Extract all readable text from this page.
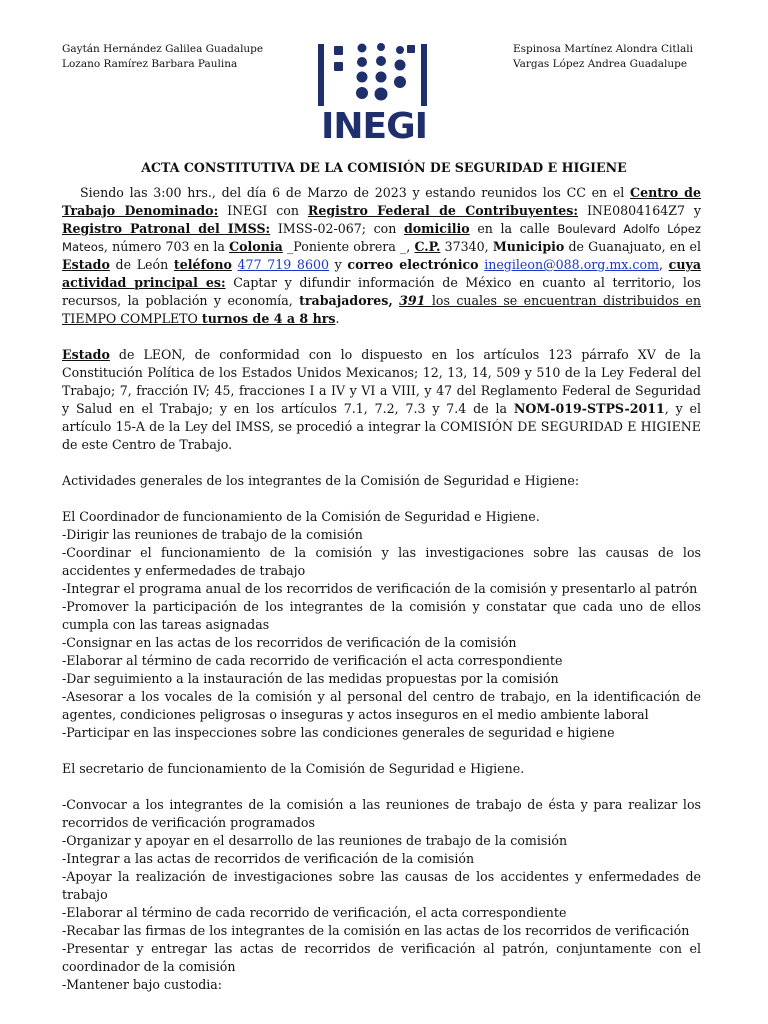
Gaytán Hernández Galilea Guadalupe
Lozano Ramírez Barbara Paulina
Espinosa Martínez Alondra Citlali
Vargas López Andrea Guadalupe
INEGI
ACTA CONSTITUTIVA DE LA COMISIÓN DE SEGURIDAD E HIGIENE

Siendo las 3:00 hrs., del día 6 de Marzo de 2023 y estando reunidos los CC en el Centro de Trabajo Denominado: INEGI con Registro Federal de Contribuyentes: INE0804164Z7 y Registro Patronal del IMSS: IMSS-02-067; con domicilio en la calle Boulevard Adolfo López Mateos, número 703 en la Colonia _Poniente obrera _, C.P. 37340, Municipio de Guanajuato, en el Estado de León teléfono 477 719 8600 y correo electrónico inegileon@088.org.mx.com, cuya actividad principal es: Captar y difundir información de México en cuanto al territorio, los recursos, la población y economía, trabajadores, 391 los cuales se encuentran distribuidos en TIEMPO COMPLETO turnos de 4 a 8 hrs.

Estado de LEON, de conformidad con lo dispuesto en los artículos 123 párrafo XV de la Constitución Política de los Estados Unidos Mexicanos; 12, 13, 14, 509 y 510 de la Ley Federal del Trabajo; 7, fracción IV; 45, fracciones I a IV y VI a VIII, y 47 del Reglamento Federal de Seguridad y Salud en el Trabajo; y en los artículos 7.1, 7.2, 7.3 y 7.4 de la NOM-019-STPS-2011, y el artículo 15-A de la Ley del IMSS, se procedió a integrar la COMISIÓN DE SEGURIDAD E HIGIENE de este Centro de Trabajo.

Actividades generales de los integrantes de la Comisión de Seguridad e Higiene:

El Coordinador de funcionamiento de la Comisión de Seguridad e Higiene.

-Dirigir las reuniones de trabajo de la comisión
-Coordinar el funcionamiento de la comisión y las investigaciones sobre las causas de los accidentes y enfermedades de trabajo
-Integrar el programa anual de los recorridos de verificación de la comisión y presentarlo al patrón
-Promover la participación de los integrantes de la comisión y constatar que cada uno de ellos cumpla con las tareas asignadas
-Consignar en las actas de los recorridos de verificación de la comisión
-Elaborar al término de cada recorrido de verificación el acta correspondiente
-Dar seguimiento a la instauración de las medidas propuestas por la comisión
-Asesorar a los vocales de la comisión y al personal del centro de trabajo, en la identificación de agentes, condiciones peligrosas o inseguras y actos inseguros en el medio ambiente laboral
-Participar en las inspecciones sobre las condiciones generales de seguridad e higiene

El secretario de funcionamiento de la Comisión de Seguridad e Higiene.

-Convocar a los integrantes de la comisión a las reuniones de trabajo de ésta y para realizar los recorridos de verificación programados
-Organizar y apoyar en el desarrollo de las reuniones de trabajo de la comisión
-Integrar a las actas de recorridos de verificación de la comisión
-Apoyar la realización de investigaciones sobre las causas de los accidentes y enfermedades de trabajo
-Elaborar al término de cada recorrido de verificación, el acta correspondiente
-Recabar las firmas de los integrantes de la comisión en las actas de los recorridos de verificación
-Presentar y entregar las actas de recorridos de verificación al patrón, conjuntamente con el coordinador de la comisión
-Mantener bajo custodia:
